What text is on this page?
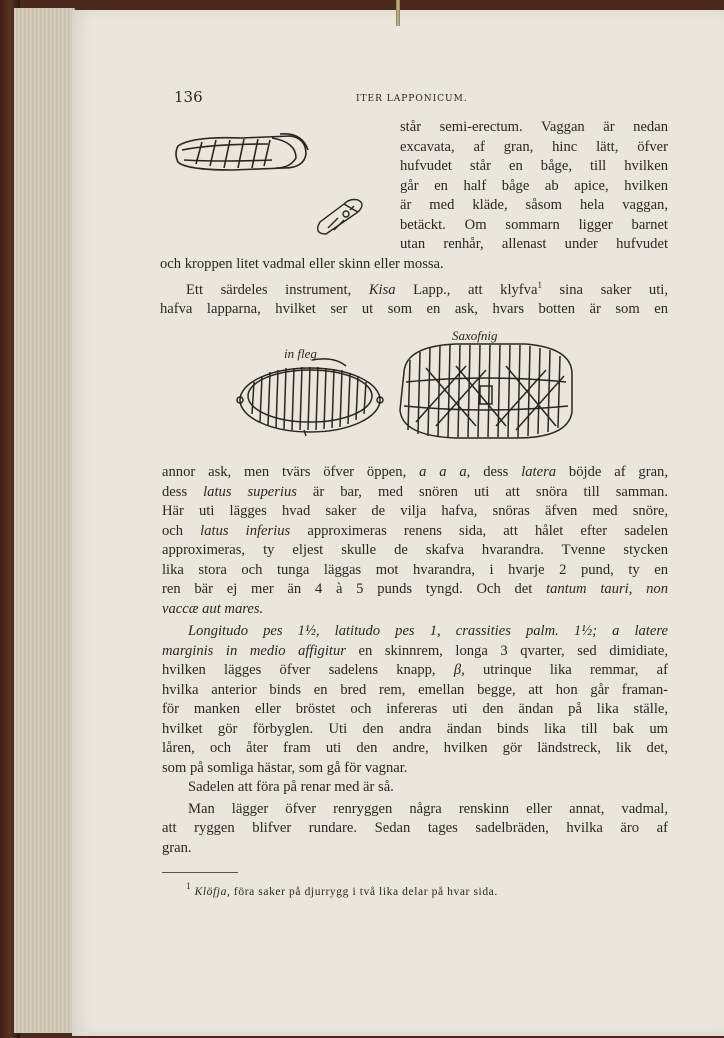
136	ITER LAPPONICUM.
in fleg
Saxofnig

står semi-erectum. Vaggan är nedan

excavata, af gran, hinc lätt, öfver

hufvudet står en båge, till hvilken

går en half båge ab apice, hvilken

är med kläde, såsom hela vaggan,

betäckt. Om sommarn ligger barnet

utan renhår, allenast under hufvudet

och kroppen litet vadmal eller skinn eller mossa.

Ett särdeles instrument, Kisa Lapp., att klyfva$^1$ sina saker uti,

hafva lapparna, hvilket ser ut som en ask, hvars botten är som en

annor ask, men tvärs öfver öppen, a a a, dess latera böjde af gran,

dess latus superius är bar, med snören uti att snöra till samman.

Här uti lägges hvad saker de vilja hafva, snöras äfven med snöre,

och latus inferius approximeras renens sida, att hålet efter sadelen

approximeras, ty eljest skulle de skafva hvarandra. Tvenne stycken

lika stora och tunga läggas mot hvarandra, i hvarje 2 pund, ty en

ren bär ej mer än 4 à 5 punds tyngd. Och det tantum tauri, non

vaccæ aut mares.

Longitudo pes 1½, latitudo pes 1, crassities palm. 1½; a latere

marginis in medio affigitur en skinnrem, longa 3 qvarter, sed dimidiate,

hvilken lägges öfver sadelens knapp, β, utrinque lika remmar, af

hvilka anterior binds en bred rem, emellan begge, att hon går framan-

för manken eller bröstet och infereras uti den ändan på lika ställe,

hvilket gör förbyglen. Uti den andra ändan binds lika till bak um

låren, och åter fram uti den andre, hvilken gör ländstreck, lik det,

som på somliga hästar, som gå för vagnar.

Sadelen att föra på renar med är så.

Man lägger öfver renryggen några renskinn eller annat, vadmal,

att ryggen blifver rundare. Sedan tages sadelbräden, hvilka äro af

gran.

$^1$ Klöfja, föra saker på djurrygg i två lika delar på hvar sida.
